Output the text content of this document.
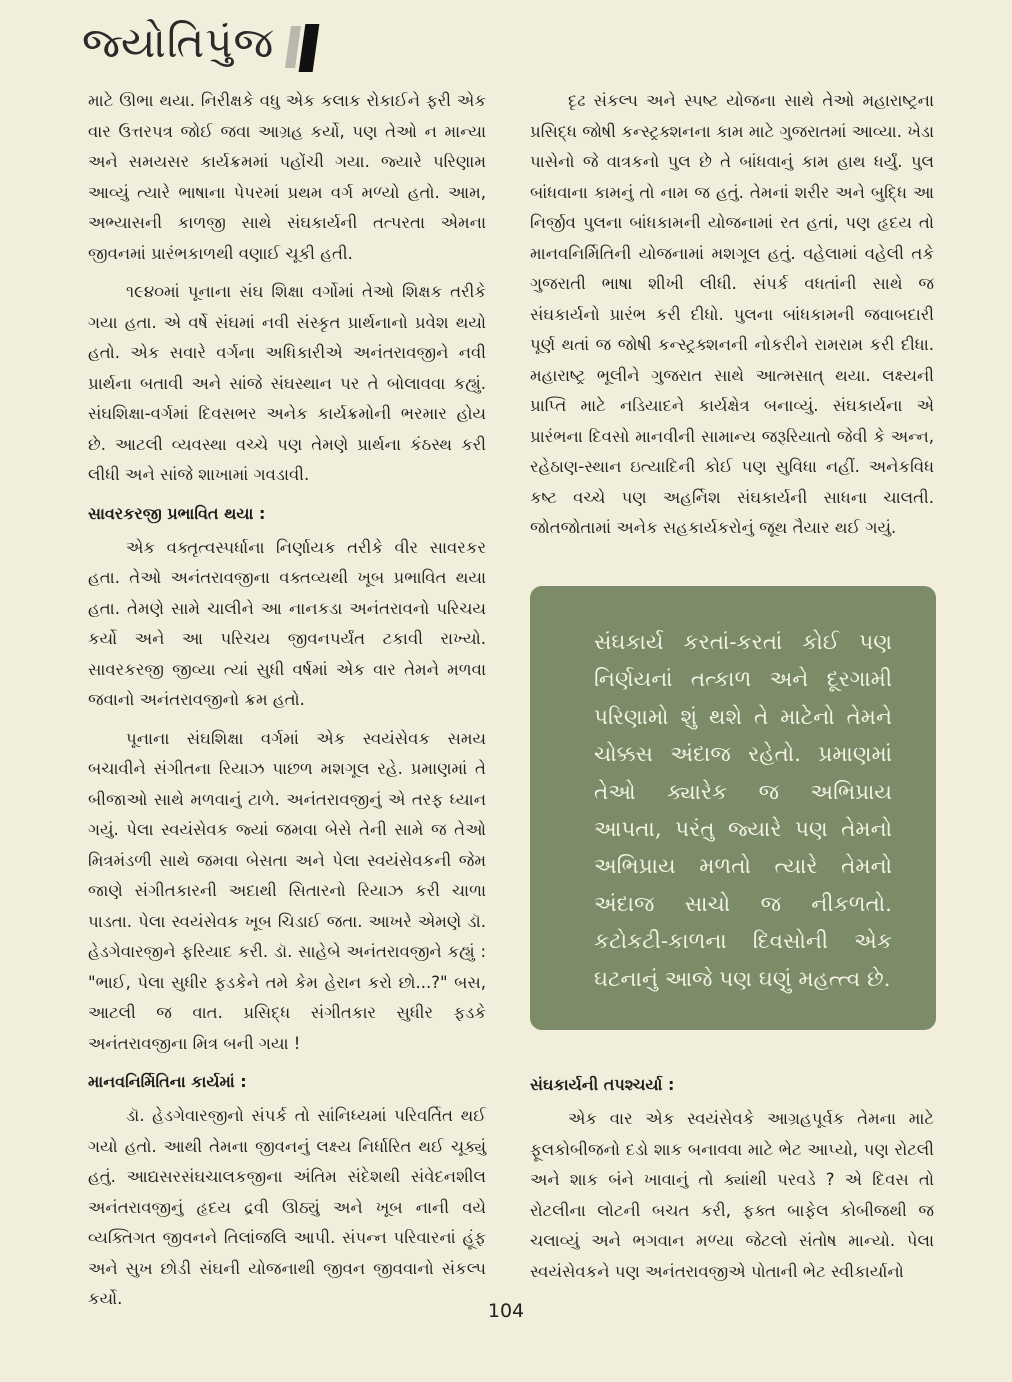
જ્યોતિપુંજ

માટે ઊભા થયા. નિરીક્ષકે વધુ એક કલાક રોકાઈને ફરી એક વાર ઉત્તરપત્ર જોઈ જવા આગ્રહ કર્યો, પણ તેઓ ન માન્યા અને સમયસર કાર્યક્રમમાં પહોંચી ગયા. જ્યારે પરિણામ આવ્યું ત્યારે ભાષાના પેપરમાં પ્રથમ વર્ગ મળ્યો હતો. આમ, અભ્યાસની કાળજી સાથે સંઘકાર્યની તત્પરતા એમના જીવનમાં પ્રારંભકાળથી વણાઈ ચૂકી હતી.

૧૯૪૦માં પૂનાના સંઘ શિક્ષા વર્ગોમાં તેઓ શિક્ષક તરીકે ગયા હતા. એ વર્ષે સંઘમાં નવી સંસ્કૃત પ્રાર્થનાનો પ્રવેશ થયો હતો. એક સવારે વર્ગના અધિકારીએ અનંતરાવજીને નવી પ્રાર્થના બતાવી અને સાંજે સંઘસ્થાન પર તે બોલાવવા કહ્યું. સંઘશિક્ષા-વર્ગમાં દિવસભર અનેક કાર્યક્રમોની ભરમાર હોય છે. આટલી વ્યવસ્થા વચ્ચે પણ તેમણે પ્રાર્થના કંઠસ્થ કરી લીધી અને સાંજે શાખામાં ગવડાવી.

સાવરકરજી પ્રભાવિત થયા :

એક વક્તૃત્વસ્પર્ધાના નિર્ણાયક તરીકે વીર સાવરકર હતા. તેઓ અનંતરાવજીના વક્તવ્યથી ખૂબ પ્રભાવિત થયા હતા. તેમણે સામે ચાલીને આ નાનકડા અનંતરાવનો પરિચય કર્યો અને આ પરિચય જીવનપર્યંત ટકાવી રાખ્યો. સાવરકરજી જીવ્યા ત્યાં સુધી વર્ષમાં એક વાર તેમને મળવા જવાનો અનંતરાવજીનો ક્રમ હતો.

પૂનાના સંઘશિક્ષા વર્ગમાં એક સ્વયંસેવક સમય બચાવીને સંગીતના રિયાઝ પાછળ મશગૂલ રહે. પ્રમાણમાં તે બીજાઓ સાથે મળવાનું ટાળે. અનંતરાવજીનું એ તરફ ધ્યાન ગયું. પેલા સ્વયંસેવક જ્યાં જમવા બેસે તેની સામે જ તેઓ મિત્રમંડળી સાથે જમવા બેસતા અને પેલા સ્વયંસેવકની જેમ જાણે સંગીતકારની અદાથી સિતારનો રિયાઝ કરી ચાળા પાડતા. પેલા સ્વયંસેવક ખૂબ ચિડાઈ જતા. આખરે એમણે ડૉ. હેડગેવારજીને ફરિયાદ કરી. ડૉ. સાહેબે અનંતરાવજીને કહ્યું : "ભાઈ, પેલા સુધીર ફડકેને તમે કેમ હેરાન કરો છો...?" બસ, આટલી જ વાત. પ્રસિદ્ધ સંગીતકાર સુધીર ફડકે અનંતરાવજીના મિત્ર બની ગયા !

માનવનિર્મિતિના કાર્યમાં :

ડૉ. હેડગેવારજીનો સંપર્ક તો સાંનિધ્યમાં પરિવર્તિત થઈ ગયો હતો. આથી તેમના જીવનનું લક્ષ્ય નિર્ધારિત થઈ ચૂક્યું હતું. આદ્યસરસંઘચાલકજીના અંતિમ સંદેશથી સંવેદનશીલ અનંતરાવજીનું હૃદય દ્રવી ઊઠ્યું અને ખૂબ નાની વયે વ્યક્તિગત જીવનને તિલાંજલિ આપી. સંપન્ન પરિવારનાં હૂંફ અને સુખ છોડી સંઘની યોજનાથી જીવન જીવવાનો સંકલ્પ કર્યો.

દૃઢ સંકલ્પ અને સ્પષ્ટ યોજના સાથે તેઓ મહારાષ્ટ્રના પ્રસિદ્ધ જોષી કન્સ્ટ્રક્શનના કામ માટે ગુજરાતમાં આવ્યા. ખેડા પાસેનો જે વાત્રકનો પુલ છે તે બાંધવાનું કામ હાથ ધર્યું. પુલ બાંધવાના કામનું તો નામ જ હતું. તેમનાં શરીર અને બુદ્ધિ આ નિર્જીવ પુલના બાંધકામની યોજનામાં રત હતાં, પણ હૃદય તો માનવનિર્મિતિની યોજનામાં મશગૂલ હતું. વહેલામાં વહેલી તકે ગુજરાતી ભાષા શીખી લીધી. સંપર્ક વધતાંની સાથે જ સંઘકાર્યનો પ્રારંભ કરી દીધો. પુલના બાંધકામની જવાબદારી પૂર્ણ થતાં જ જોષી કન્સ્ટ્રક્શનની નોકરીને રામરામ કરી દીધા. મહારાષ્ટ્ર ભૂલીને ગુજરાત સાથે આત્મસાત્ થયા. લક્ષ્યની પ્રાપ્તિ માટે નડિયાદને કાર્યક્ષેત્ર બનાવ્યું. સંઘકાર્યના એ પ્રારંભના દિવસો માનવીની સામાન્ય જરૂરિયાતો જેવી કે અન્ન, રહેઠાણ-સ્થાન ઇત્યાદિની કોઈ પણ સુવિધા નહીં. અનેકવિધ કષ્ટ વચ્ચે પણ અહર્નિશ સંઘકાર્યની સાધના ચાલતી. જોતજોતામાં અનેક સહકાર્યકરોનું જૂથ તૈયાર થઈ ગયું.

સંઘકાર્ય કરતાં-કરતાં કોઈ પણ નિર્ણયનાં તત્કાળ અને દૂરગામી પરિણામો શું થશે તે માટેનો તેમને ચોક્કસ અંદાજ રહેતો. પ્રમાણમાં તેઓ ક્યારેક જ અભિપ્રાય આપતા, પરંતુ જ્યારે પણ તેમનો અભિપ્રાય મળતો ત્યારે તેમનો અંદાજ સાચો જ નીકળતો. કટોકટી-કાળના દિવસોની એક ઘટનાનું આજે પણ ઘણું મહત્ત્વ છે.
સંઘકાર્યની તપશ્ચર્યા :

એક વાર એક સ્વયંસેવકે આગ્રહપૂર્વક તેમના માટે ફૂલકોબીજનો દડો શાક બનાવવા માટે ભેટ આપ્યો, પણ રોટલી અને શાક બંને ખાવાનું તો ક્યાંથી પરવડે ? એ દિવસ તો રોટલીના લોટની બચત કરી, ફક્ત બાફેલ કોબીજથી જ ચલાવ્યું અને ભગવાન મળ્યા જેટલો સંતોષ માન્યો. પેલા સ્વયંસેવકને પણ અનંતરાવજીએ પોતાની ભેટ સ્વીકાર્યાનો

104
